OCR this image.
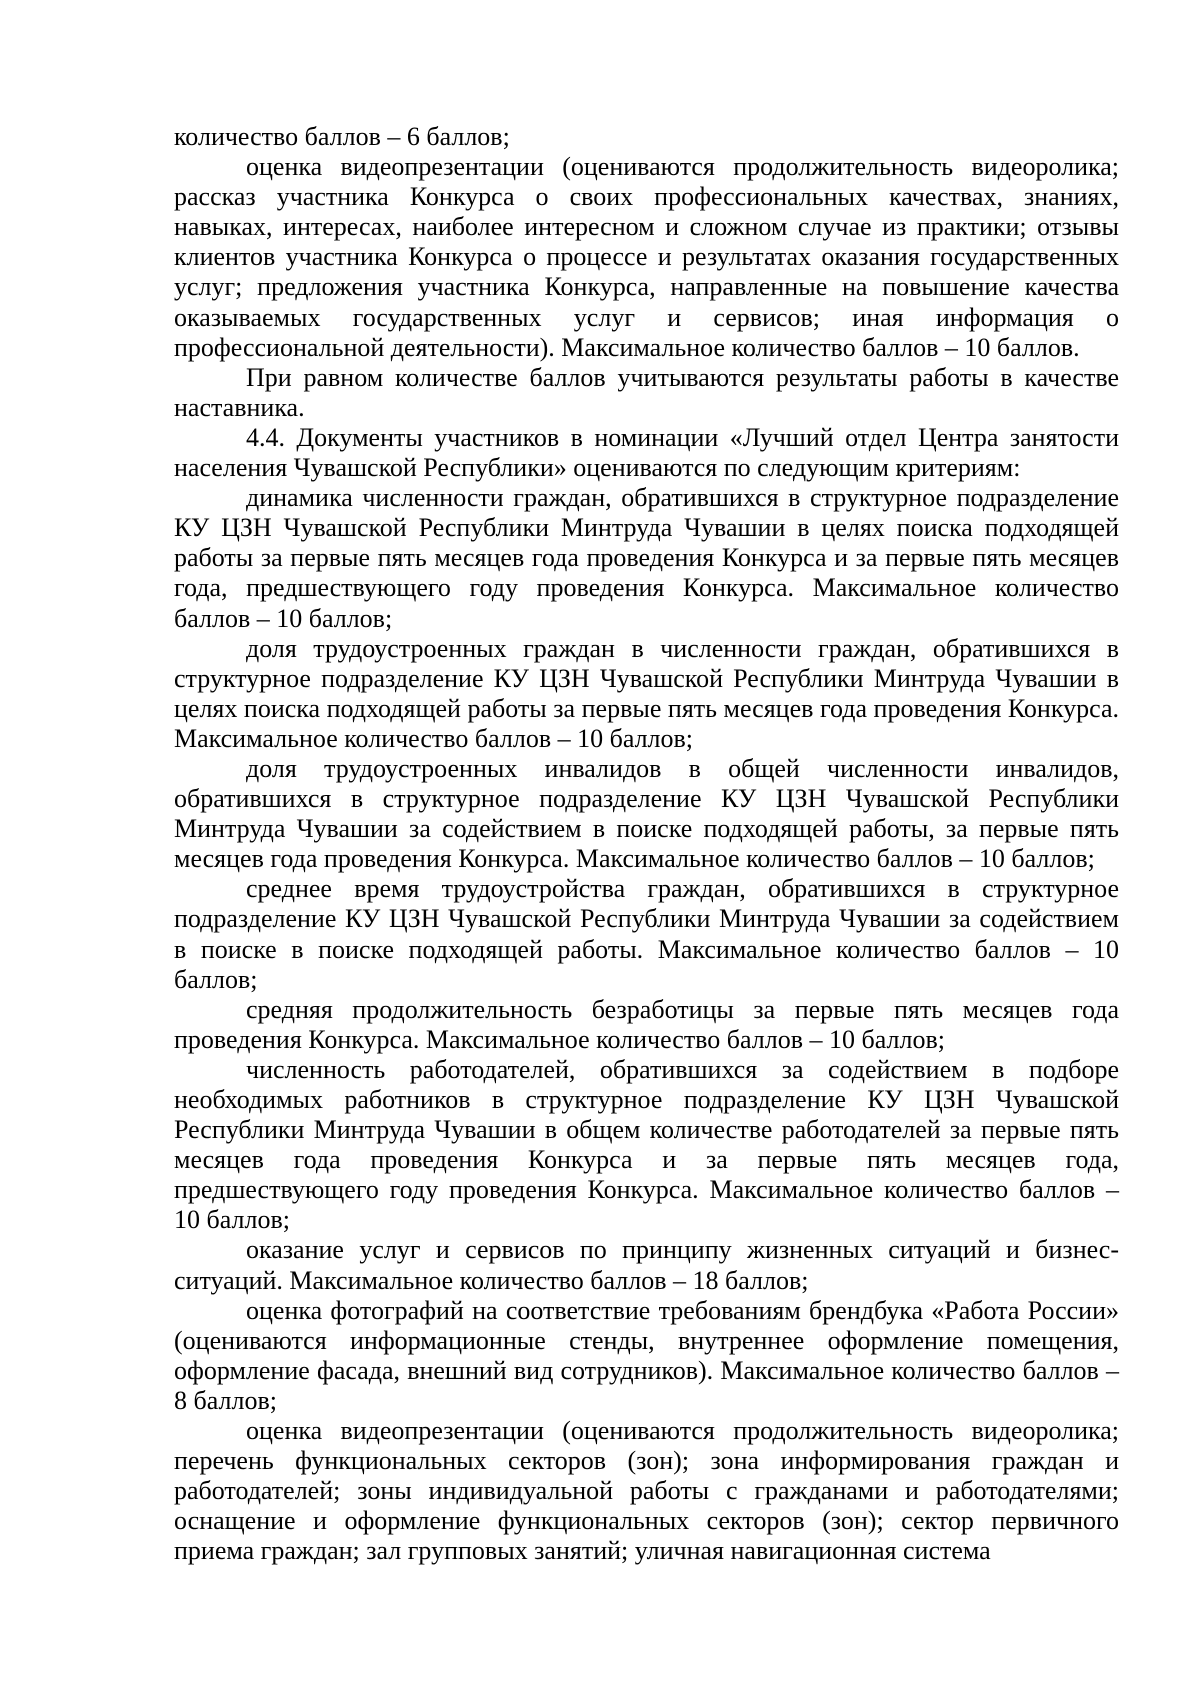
количество баллов – 6 баллов;

оценка видеопрезентации (оцениваются продолжительность видеоролика; рассказ участника Конкурса о своих профессиональных качествах, знаниях, навыках, интересах, наиболее интересном и сложном случае из практики; отзывы клиентов участника Конкурса о процессе и результатах оказания государственных услуг; предложения участника Конкурса, направленные на повышение качества оказываемых государственных услуг и сервисов; иная информация о профессиональной деятельности). Максимальное количество баллов – 10 баллов.

При равном количестве баллов учитываются результаты работы в качестве наставника.

4.4. Документы участников в номинации «Лучший отдел Центра занятости населения Чувашской Республики» оцениваются по следующим критериям:

динамика численности граждан, обратившихся в структурное подразделение КУ ЦЗН Чувашской Республики Минтруда Чувашии в целях поиска подходящей работы за первые пять месяцев года проведения Конкурса и за первые пять месяцев года, предшествующего году проведения Конкурса. Максимальное количество баллов – 10 баллов;

доля трудоустроенных граждан в численности граждан, обратившихся в структурное подразделение КУ ЦЗН Чувашской Республики Минтруда Чувашии в целях поиска подходящей работы за первые пять месяцев года проведения Конкурса. Максимальное количество баллов – 10 баллов;

доля трудоустроенных инвалидов в общей численности инвалидов, обратившихся в структурное подразделение КУ ЦЗН Чувашской Республики Минтруда Чувашии за содействием в поиске подходящей работы, за первые пять месяцев года проведения Конкурса. Максимальное количество баллов – 10 баллов;

среднее время трудоустройства граждан, обратившихся в структурное подразделение КУ ЦЗН Чувашской Республики Минтруда Чувашии за содействием в поиске в поиске подходящей работы. Максимальное количество баллов – 10 баллов;

средняя продолжительность безработицы за первые пять месяцев года проведения Конкурса. Максимальное количество баллов – 10 баллов;

численность работодателей, обратившихся за содействием в подборе необходимых работников в структурное подразделение КУ ЦЗН Чувашской Республики Минтруда Чувашии в общем количестве работодателей за первые пять месяцев года проведения Конкурса и за первые пять месяцев года, предшествующего году проведения Конкурса. Максимальное количество баллов – 10 баллов;

оказание услуг и сервисов по принципу жизненных ситуаций и бизнес-ситуаций. Максимальное количество баллов – 18 баллов;

оценка фотографий на соответствие требованиям брендбука «Работа России» (оцениваются информационные стенды, внутреннее оформление помещения, оформление фасада, внешний вид сотрудников). Максимальное количество баллов – 8 баллов;

оценка видеопрезентации (оцениваются продолжительность видеоролика; перечень функциональных секторов (зон); зона информирования граждан и работодателей; зоны индивидуальной работы с гражданами и работодателями; оснащение и оформление функциональных секторов (зон); сектор первичного приема граждан; зал групповых занятий; уличная навигационная система
